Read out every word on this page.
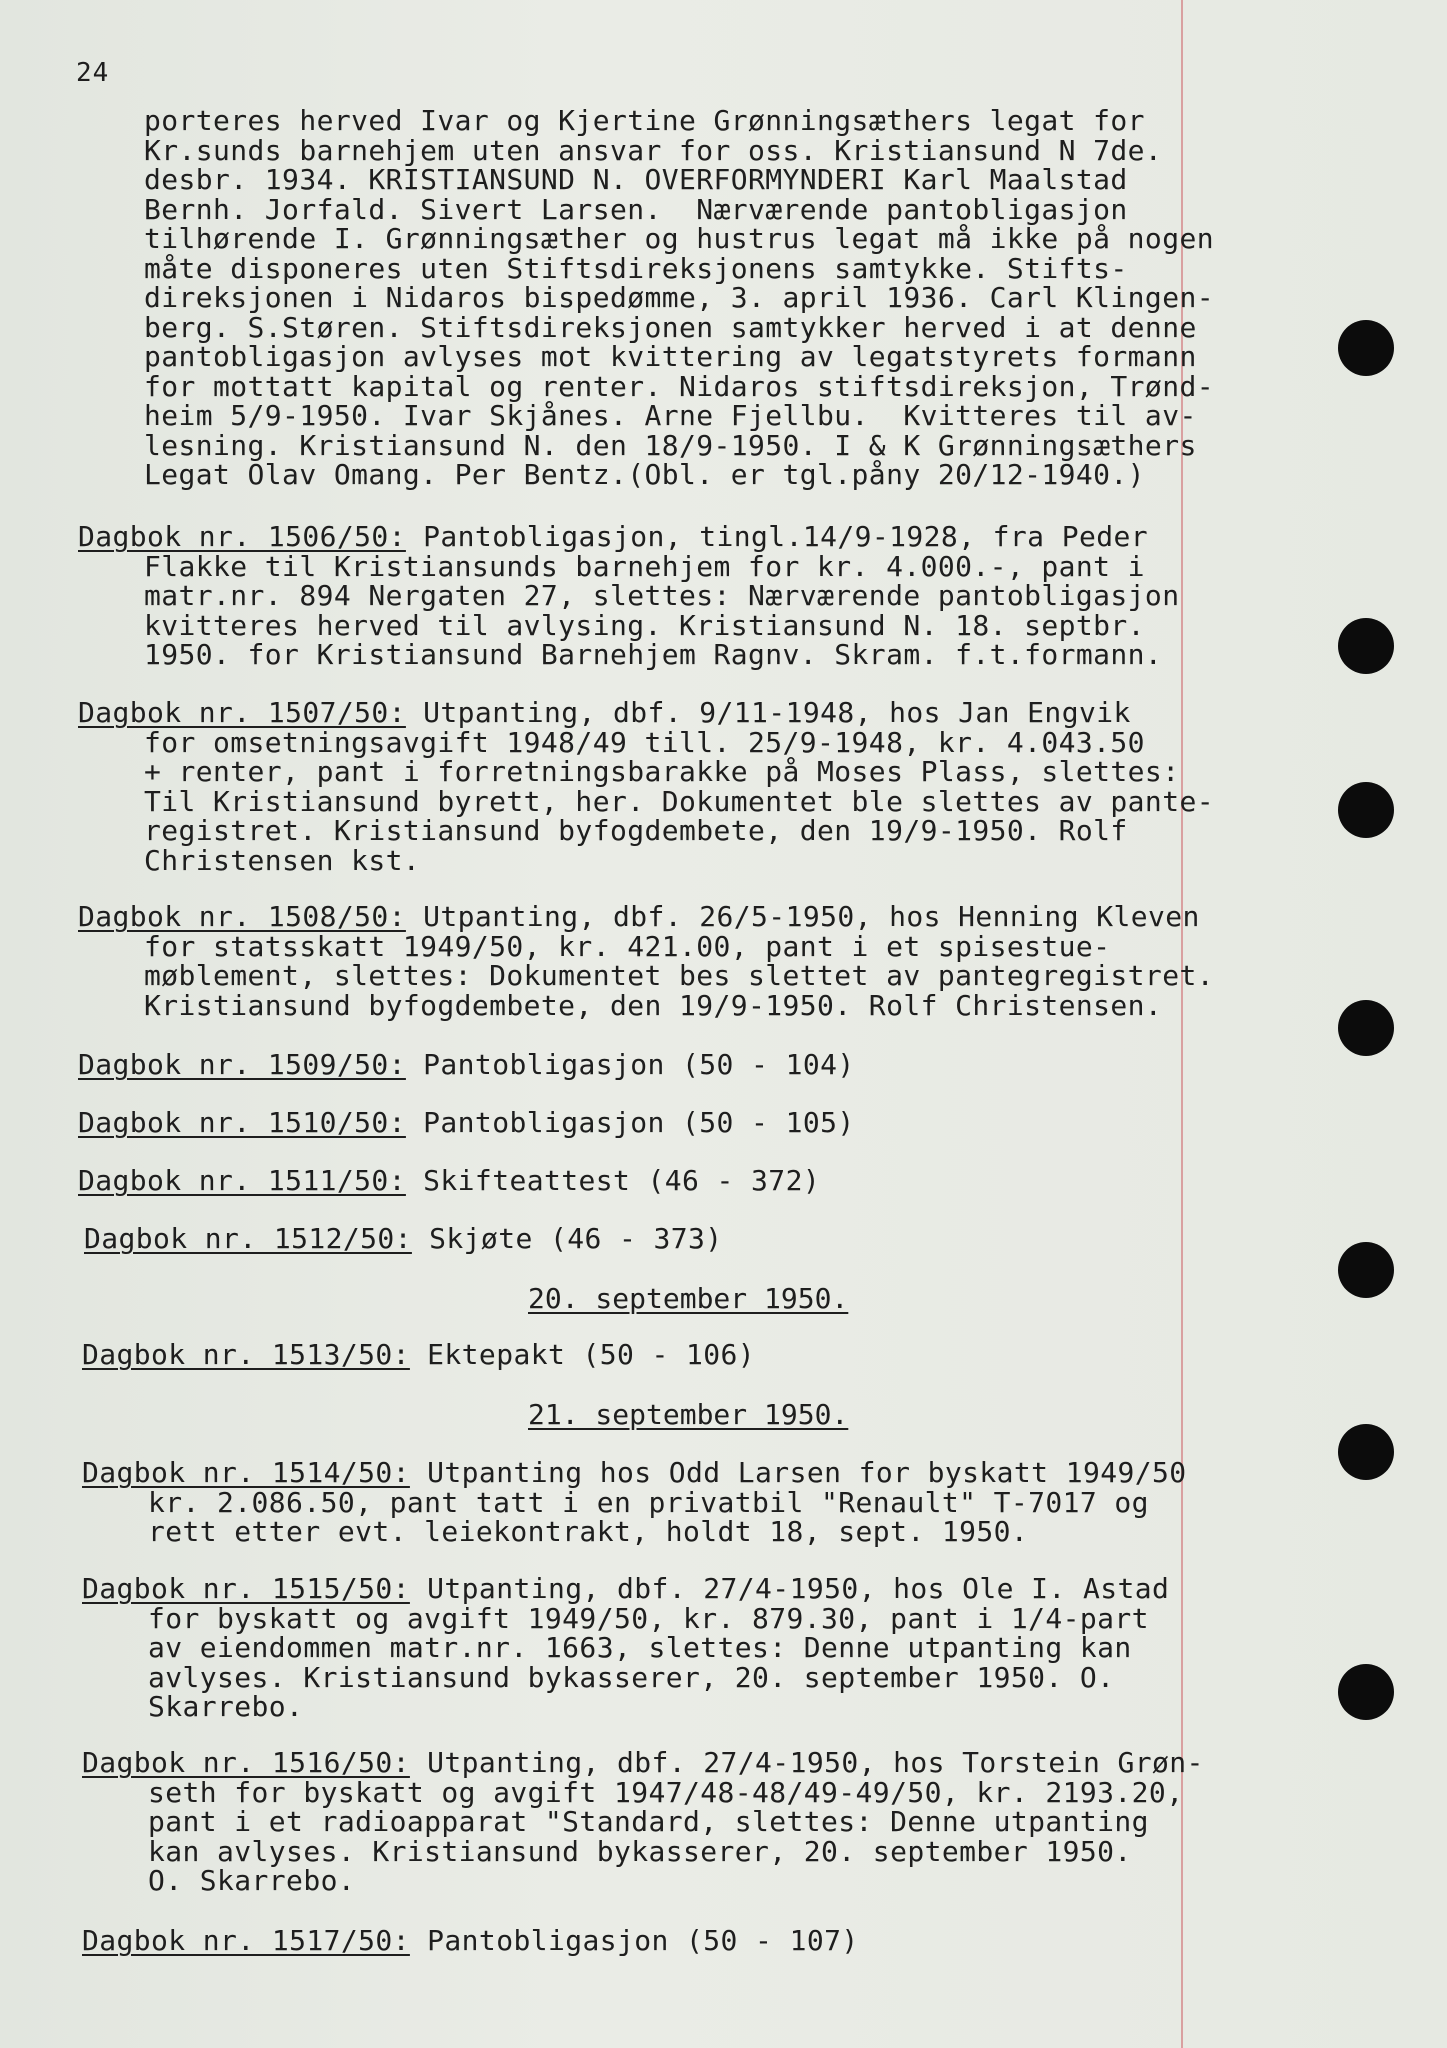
24
porteres herved Ivar og Kjertine Grønningsæthers legat for
Kr.sunds barnehjem uten ansvar for oss. Kristiansund N 7de.
desbr. 1934. KRISTIANSUND N. OVERFORMYNDERI Karl Maalstad
Bernh. Jorfald. Sivert Larsen.  Nærværende pantobligasjon
tilhørende I. Grønningsæther og hustrus legat må ikke på nogen
måte disponeres uten Stiftsdireksjonens samtykke. Stifts-
direksjonen i Nidaros bispedømme, 3. april 1936. Carl Klingen-
berg. S.Støren. Stiftsdireksjonen samtykker herved i at denne
pantobligasjon avlyses mot kvittering av legatstyrets formann
for mottatt kapital og renter. Nidaros stiftsdireksjon, Trønd-
heim 5/9-1950. Ivar Skjånes. Arne Fjellbu.  Kvitteres til av-
lesning. Kristiansund N. den 18/9-1950. I & K Grønningsæthers
Legat Olav Omang. Per Bentz.(Obl. er tgl.påny 20/12-1940.)
Dagbok nr. 1506/50: Pantobligasjon, tingl.14/9-1928, fra Peder
Flakke til Kristiansunds barnehjem for kr. 4.000.-, pant i
matr.nr. 894 Nergaten 27, slettes: Nærværende pantobligasjon
kvitteres herved til avlysing. Kristiansund N. 18. septbr.
1950. for Kristiansund Barnehjem Ragnv. Skram. f.t.formann.
Dagbok nr. 1507/50: Utpanting, dbf. 9/11-1948, hos Jan Engvik
for omsetningsavgift 1948/49 till. 25/9-1948, kr. 4.043.50
+ renter, pant i forretningsbarakke på Moses Plass, slettes:
Til Kristiansund byrett, her. Dokumentet ble slettes av pante-
registret. Kristiansund byfogdembete, den 19/9-1950. Rolf
Christensen kst.
Dagbok nr. 1508/50: Utpanting, dbf. 26/5-1950, hos Henning Kleven
for statsskatt 1949/50, kr. 421.00, pant i et spisestue-
møblement, slettes: Dokumentet bes slettet av pantegregistret.
Kristiansund byfogdembete, den 19/9-1950. Rolf Christensen.
Dagbok nr. 1509/50: Pantobligasjon (50 - 104)
Dagbok nr. 1510/50: Pantobligasjon (50 - 105)
Dagbok nr. 1511/50: Skifteattest (46 - 372)
Dagbok nr. 1512/50: Skjøte (46 - 373)
20. september 1950.
Dagbok nr. 1513/50: Ektepakt (50 - 106)
21. september 1950.
Dagbok nr. 1514/50: Utpanting hos Odd Larsen for byskatt 1949/50
kr. 2.086.50, pant tatt i en privatbil "Renault" T-7017 og
rett etter evt. leiekontrakt, holdt 18, sept. 1950.
Dagbok nr. 1515/50: Utpanting, dbf. 27/4-1950, hos Ole I. Astad
for byskatt og avgift 1949/50, kr. 879.30, pant i 1/4-part
av eiendommen matr.nr. 1663, slettes: Denne utpanting kan
avlyses. Kristiansund bykasserer, 20. september 1950. O.
Skarrebo.
Dagbok nr. 1516/50: Utpanting, dbf. 27/4-1950, hos Torstein Grøn-
seth for byskatt og avgift 1947/48-48/49-49/50, kr. 2193.20,
pant i et radioapparat "Standard, slettes: Denne utpanting
kan avlyses. Kristiansund bykasserer, 20. september 1950.
O. Skarrebo.
Dagbok nr. 1517/50: Pantobligasjon (50 - 107)
